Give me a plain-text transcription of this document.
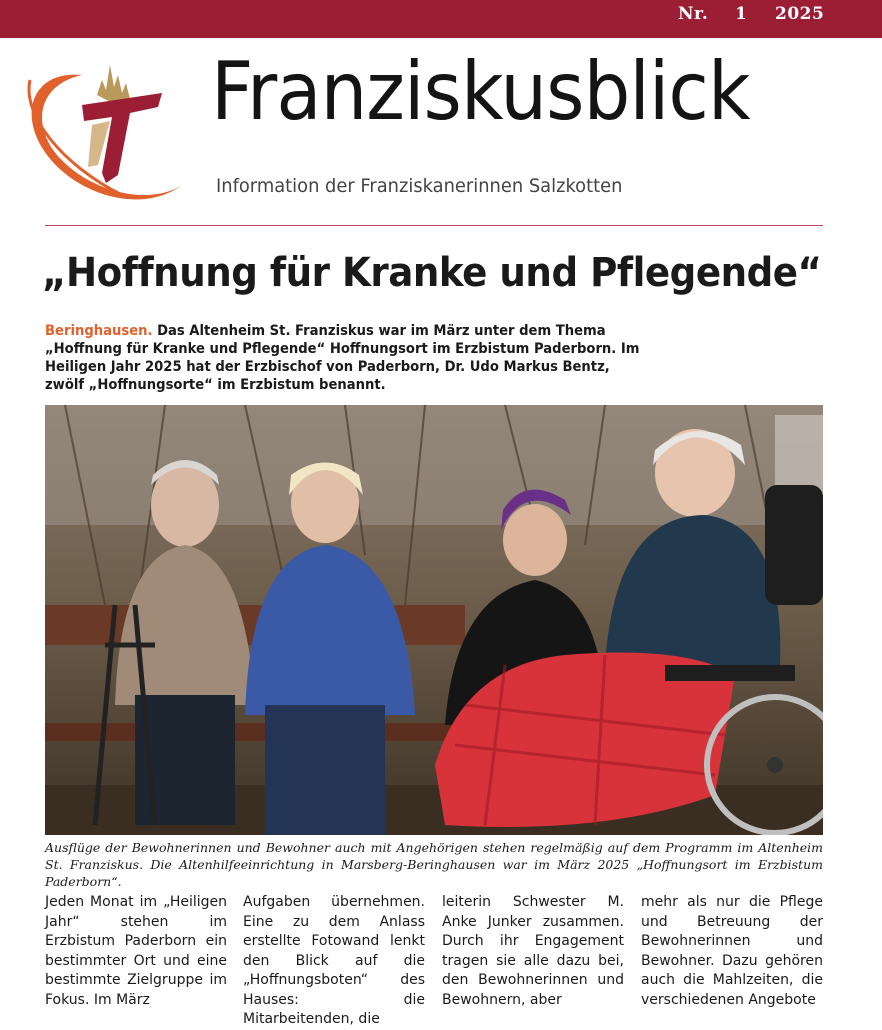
Nr. 1 2025
Franziskusblick
Information der Franziskanerinnen Salzkotten
„Hoffnung für Kranke und Pflegende“
Beringhausen. Das Altenheim St. Franziskus war im März unter dem Thema „Hoffnung für Kranke und Pflegende“ Hoffnungsort im Erzbistum Paderborn. Im Heiligen Jahr 2025 hat der Erzbischof von Paderborn, Dr. Udo Markus Bentz, zwölf „Hoffnungsorte“ im Erzbistum benannt.
Ausflüge der Bewohnerinnen und Bewohner auch mit Angehörigen stehen regelmäßig auf dem Programm im Altenheim St. Franziskus. Die Altenhilfeeinrichtung in Marsberg-Beringhausen war im März 2025 „Hoffnungsort im Erzbistum Paderborn“.
Jeden Monat im „Heiligen Jahr“ stehen im Erzbistum Paderborn ein bestimmter Ort und eine bestimmte Zielgruppe im Fokus. Im März
Aufgaben übernehmen. Eine zu dem Anlass erstellte Fotowand lenkt den Blick auf die „Hoffnungsboten“ des Hauses: die Mitarbeitenden, die
leiterin Schwester M. Anke Junker zusammen. Durch ihr Engagement tragen sie alle dazu bei, den Bewohnerinnen und Bewohnern, aber
mehr als nur die Pflege und Betreuung der Bewohnerinnen und Bewohner. Dazu gehören auch die Mahlzeiten, die verschiedenen Angebote
